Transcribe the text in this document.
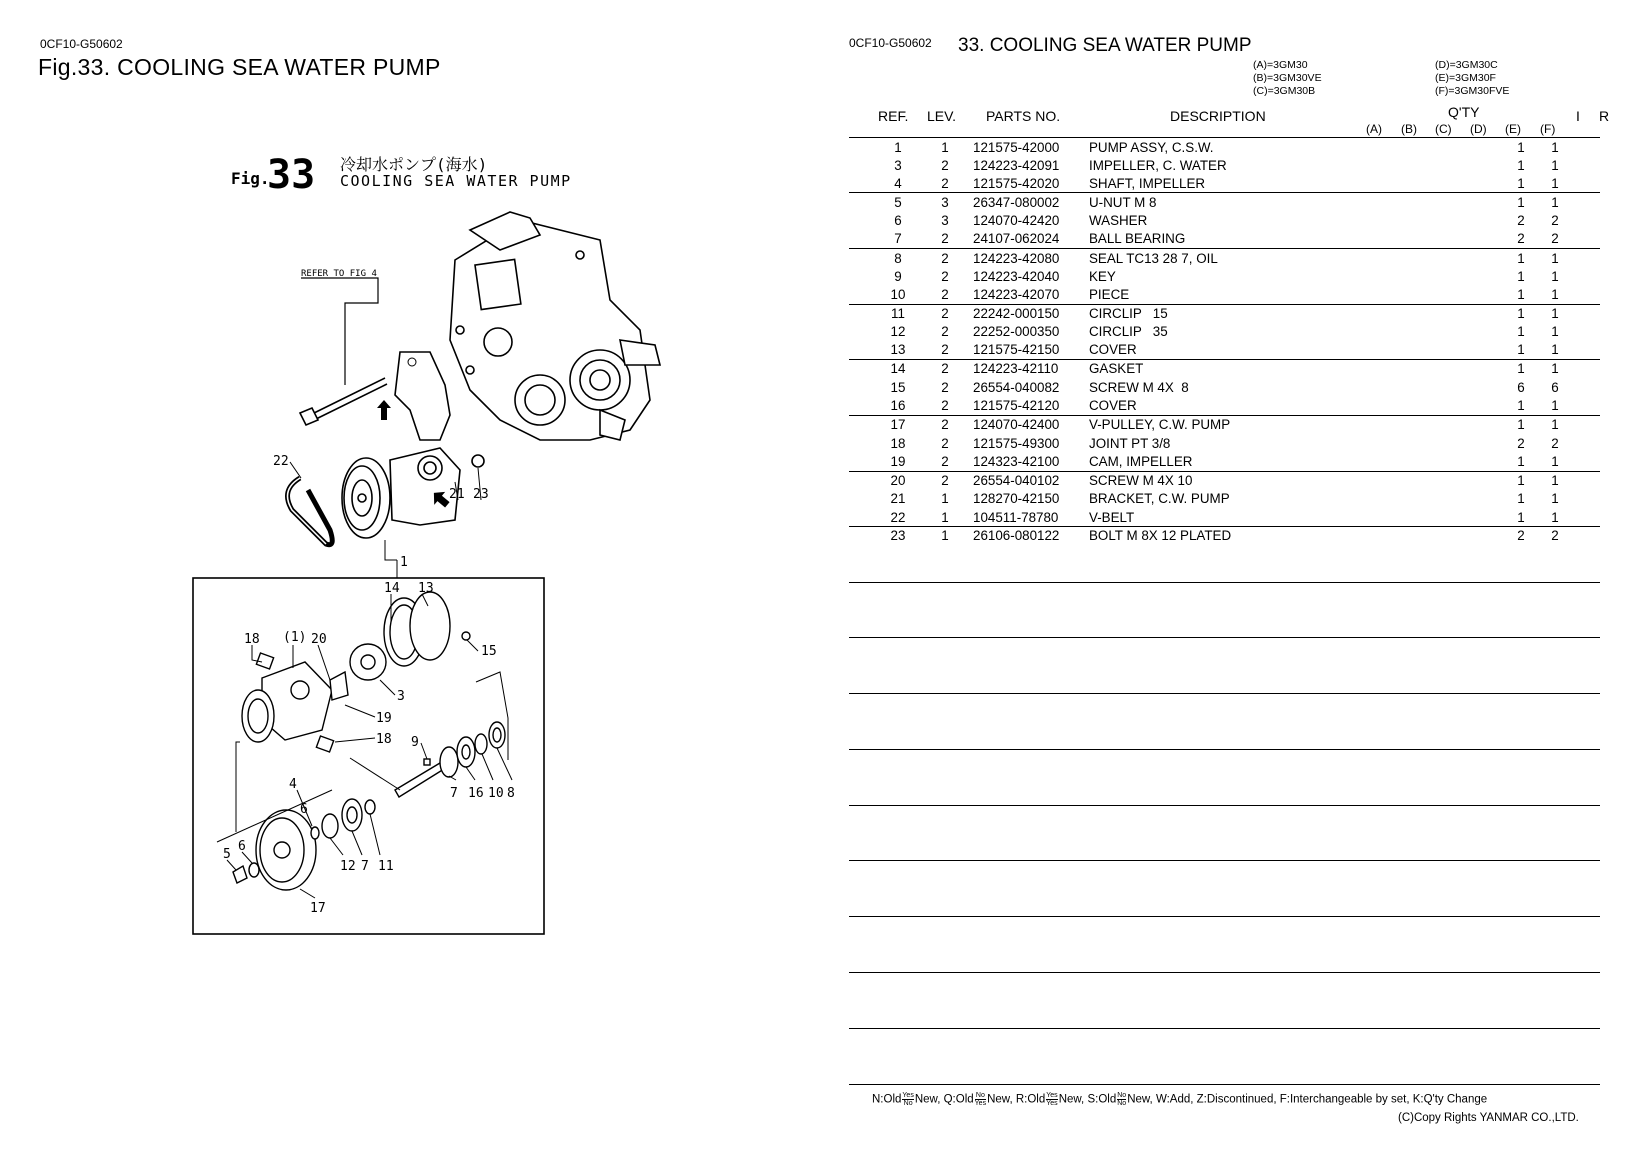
0CF10-G50602
Fig.33. COOLING SEA WATER PUMP
Fig.
33 冷却水ポンプ(海水)
COOLING SEA WATER PUMP
REFER TO FIG 4
22
21 23
1
14 13
18 (1) 20
15
3
19
18 9
7 16 10 8
4
6
5
6
12 7 11
17
0CF10-G50602 33. COOLING SEA WATER PUMP
(A)=3GM30
(B)=3GM30VE
(C)=3GM30B
(D)=3GM30C
(E)=3GM30F
(F)=3GM30FVE
REF. LEV. PARTS NO.	DESCRIPTION	Q'TY	I R
(A) (B) (C) (D) (E) (F)
1	1	121575-42000 PUMP ASSY, C.S.W.	1	1
3	2	124223-42091 IMPELLER, C. WATER	1	1
4	2	121575-42020 SHAFT, IMPELLER	1	1
5	3	26347-080002 U-NUT M 8	1	1
6	3	124070-42420 WASHER	2	2
7	2	24107-062024 BALL BEARING	2	2
8	2	124223-42080 SEAL TC13 28 7, OIL	1	1
9	2	124223-42040 KEY	1	1
10	2	124223-42070 PIECE	1	1
11	2	22242-000150 CIRCLIP   15	1	1
12	2	22252-000350 CIRCLIP   35	1	1
13	2	121575-42150 COVER	1	1
14	2	124223-42110 GASKET	1	1
15	2	26554-040082 SCREW M 4X  8	6	6
16	2	121575-42120 COVER	1	1
17	2	124070-42400 V-PULLEY, C.W. PUMP	1	1
18	2	121575-49300 JOINT PT 3/8	2	2
19	2	124323-42100 CAM, IMPELLER	1	1
20	2	26554-040102 SCREW M 4X 10	1	1
21	1	128270-42150 BRACKET, C.W. PUMP	1	1
22	1	104511-78780 V-BELT	1	1
23	1	26106-080122 BOLT M 8X 12 PLATED	2	2
N:Old $\frac{\text{Yes}}{No}$ New, Q:Old $\frac{No}{\text{Yes}}$ New, R:Old $\frac{\text{Yes}}{\text{Yes}}$ New, S:Old $\frac{No}{No}$ New, W:Add, Z:Discontinued, F:Interchangeable by set, K:Q'ty Change
(C)Copy Rights YANMAR CO.,LTD.
